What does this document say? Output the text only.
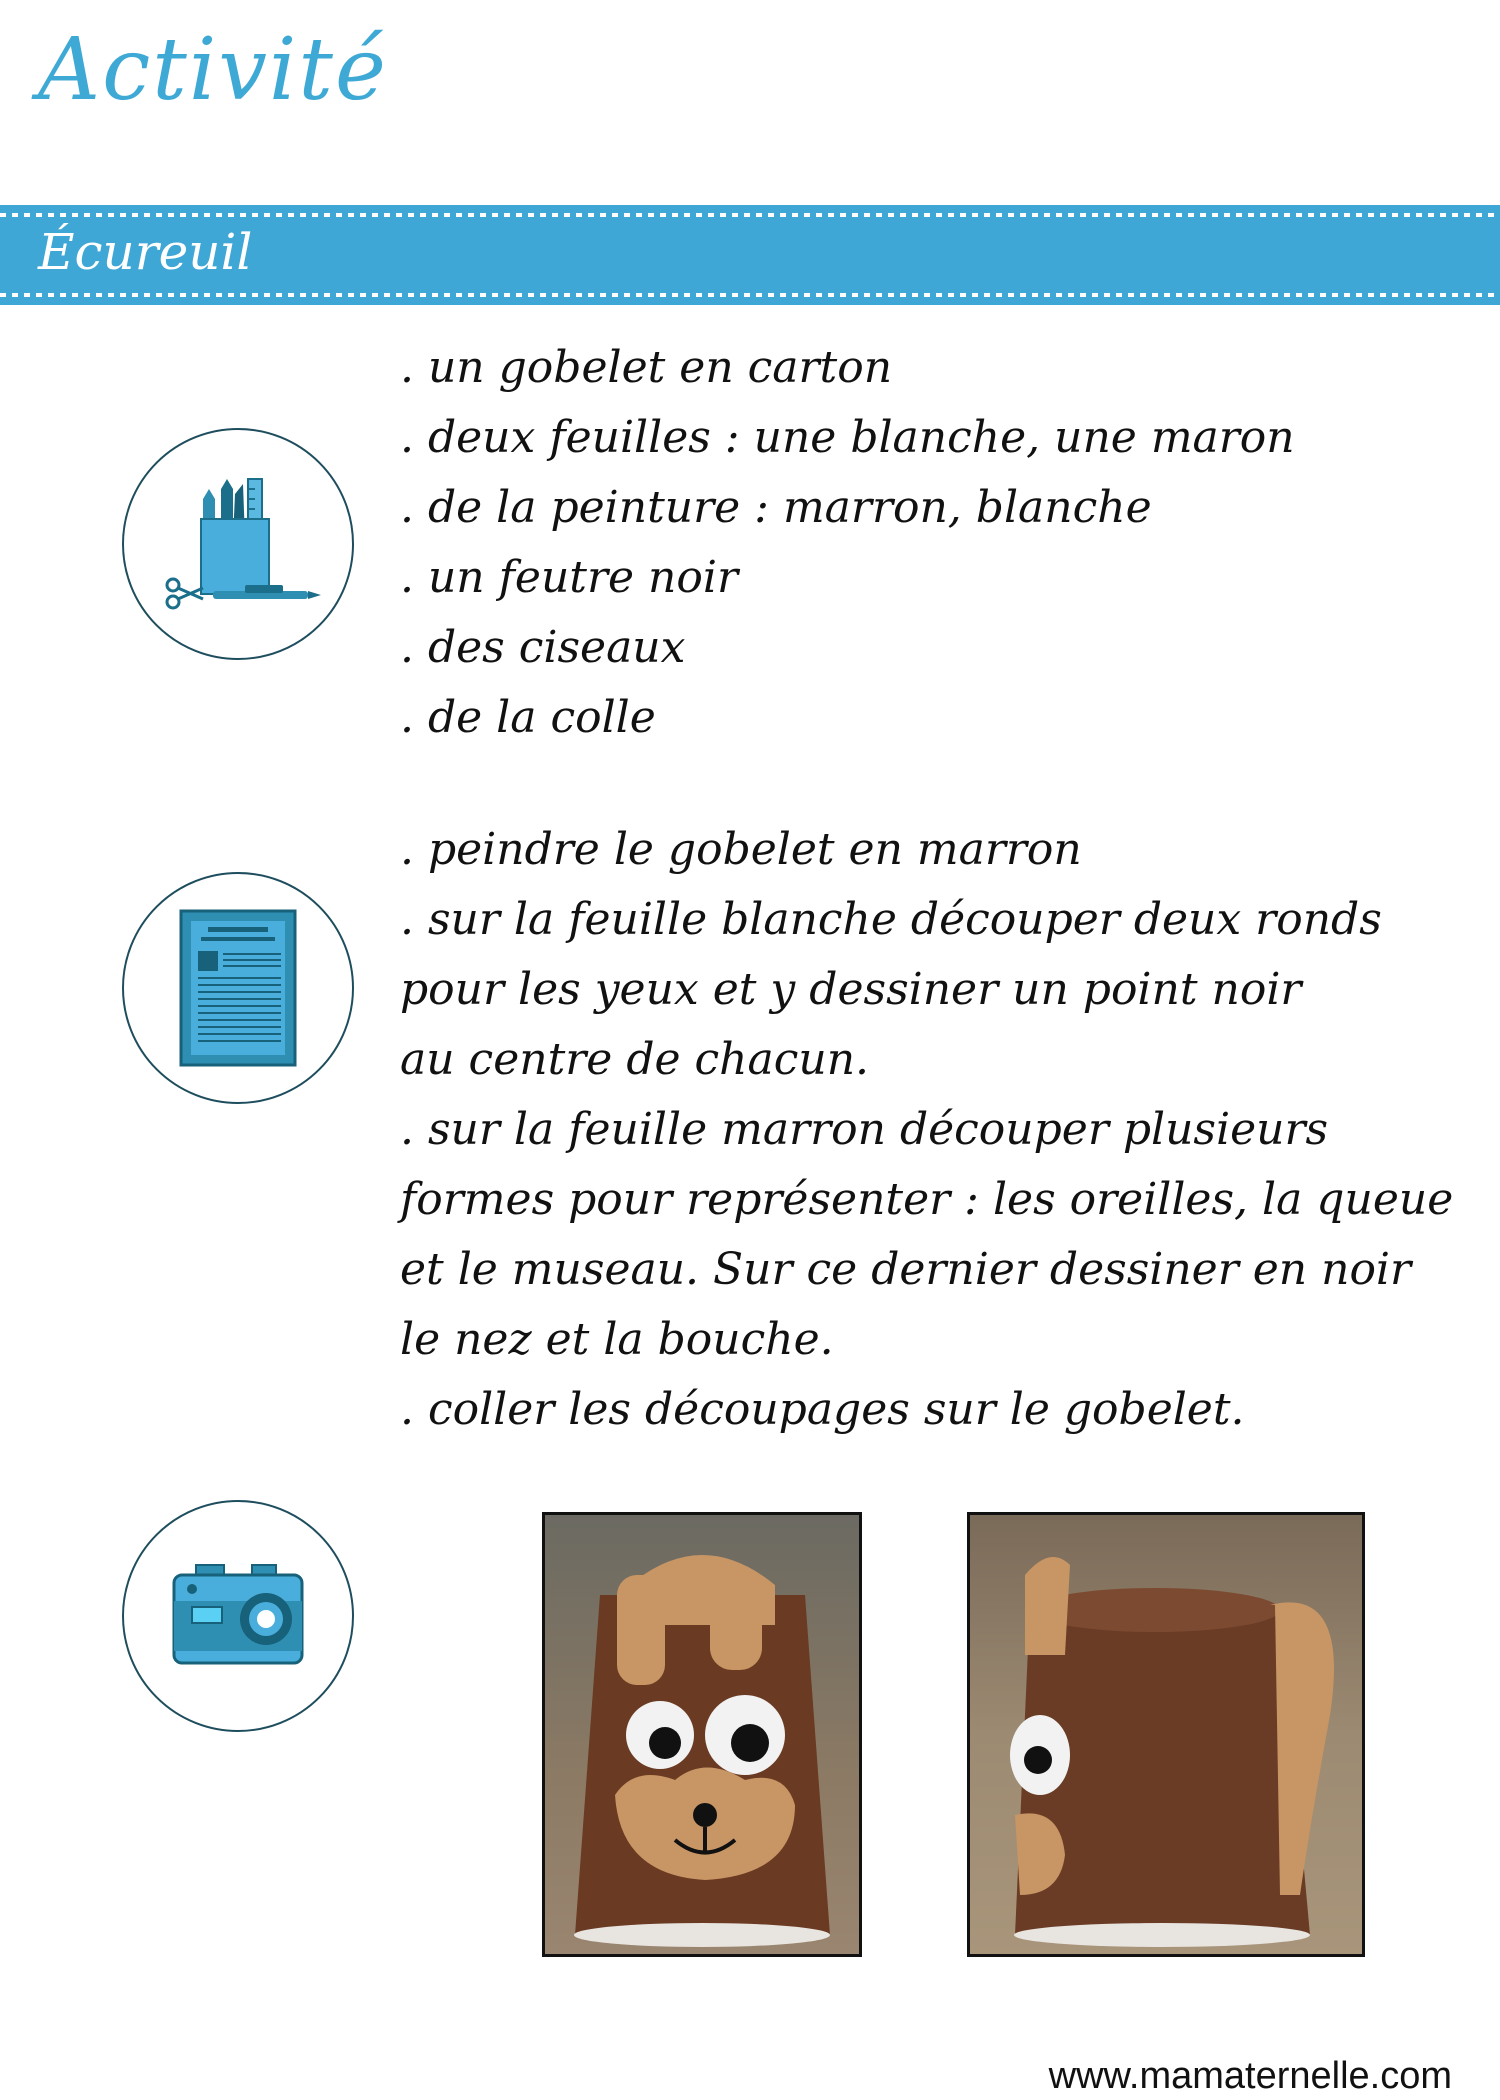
Activité
Écureuil
. un gobelet en carton
. deux feuilles : une blanche, une maron
. de la peinture : marron, blanche
. un feutre noir
. des ciseaux
. de la colle
. peindre le gobelet en marron
. sur la feuille blanche découper deux ronds
pour les yeux et y dessiner un point noir
au centre de chacun.
. sur la feuille marron découper plusieurs
formes pour représenter : les oreilles, la queue
et le museau. Sur ce dernier dessiner en noir
le nez et la bouche.
. coller les découpages sur le gobelet.
www.mamaternelle.com
